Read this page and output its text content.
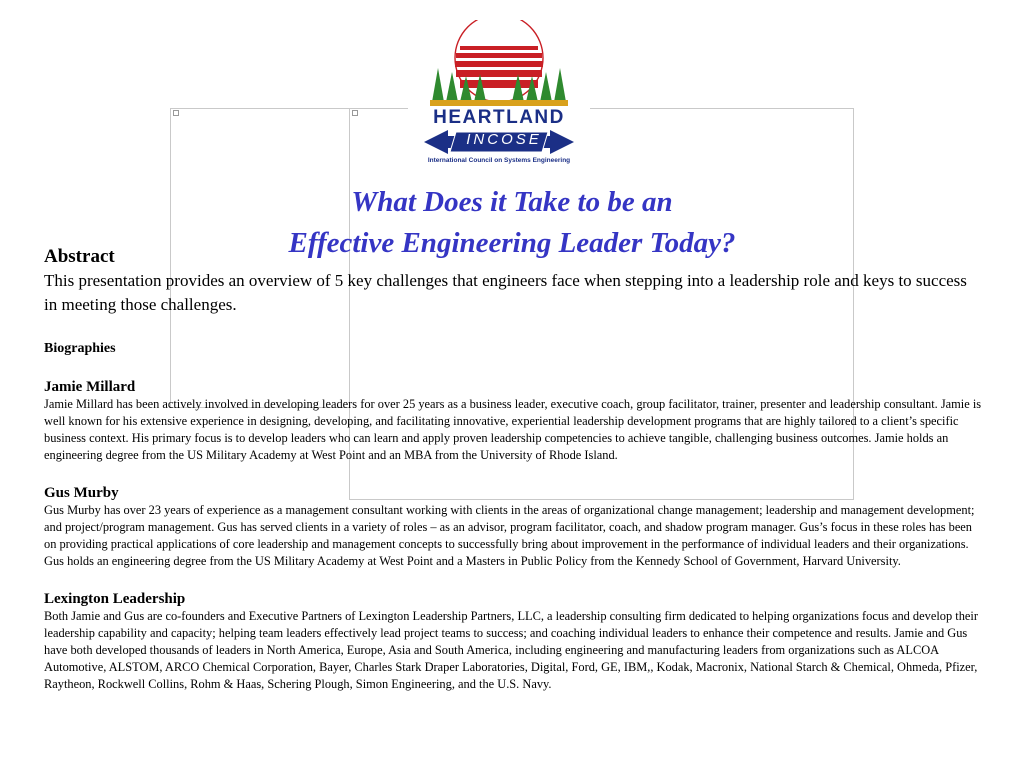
HEARTLAND
INCOSE
International Council on Systems Engineering
What Does it Take to be an
Effective Engineering Leader Today?
Abstract

This presentation provides an overview of 5 key challenges that engineers face when stepping into a leadership role and keys to success in meeting those challenges.

Biographies
Jamie Millard

Jamie Millard has been actively involved in developing leaders for over 25 years as a business leader, executive coach, group facilitator, trainer, presenter and leadership consultant. Jamie is well known for his extensive experience in designing, developing, and facilitating innovative, experiential leadership development programs that are highly tailored to a client’s specific business context. His primary focus is to develop leaders who can learn and apply proven leadership competencies to achieve tangible, challenging business outcomes. Jamie holds an engineering degree from the US Military Academy at West Point and an MBA from the University of Rhode Island.

Gus Murby

Gus Murby has over 23 years of experience as a management consultant working with clients in the areas of organizational change management; leadership and management development; and project/program management. Gus has served clients in a variety of roles – as an advisor, program facilitator, coach, and shadow program manager. Gus’s focus in these roles has been on providing practical applications of core leadership and management concepts to successfully bring about improvement in the performance of individual leaders and their organizations. Gus holds an engineering degree from the US Military Academy at West Point and a Masters in Public Policy from the Kennedy School of Government, Harvard University.

Lexington Leadership

Both Jamie and Gus are co-founders and Executive Partners of Lexington Leadership Partners, LLC, a leadership consulting firm dedicated to helping organizations focus and develop their leadership capability and capacity; helping team leaders effectively lead project teams to success; and coaching individual leaders to enhance their competence and results. Jamie and Gus have both developed thousands of leaders in North America, Europe, Asia and South America, including engineering and manufacturing leaders from organizations such as ALCOA Automotive, ALSTOM, ARCO Chemical Corporation, Bayer, Charles Stark Draper Laboratories, Digital, Ford, GE, IBM,, Kodak, Macronix, National Starch & Chemical, Ohmeda, Pfizer, Raytheon, Rockwell Collins, Rohm & Haas, Schering Plough, Simon Engineering, and the U.S. Navy.
